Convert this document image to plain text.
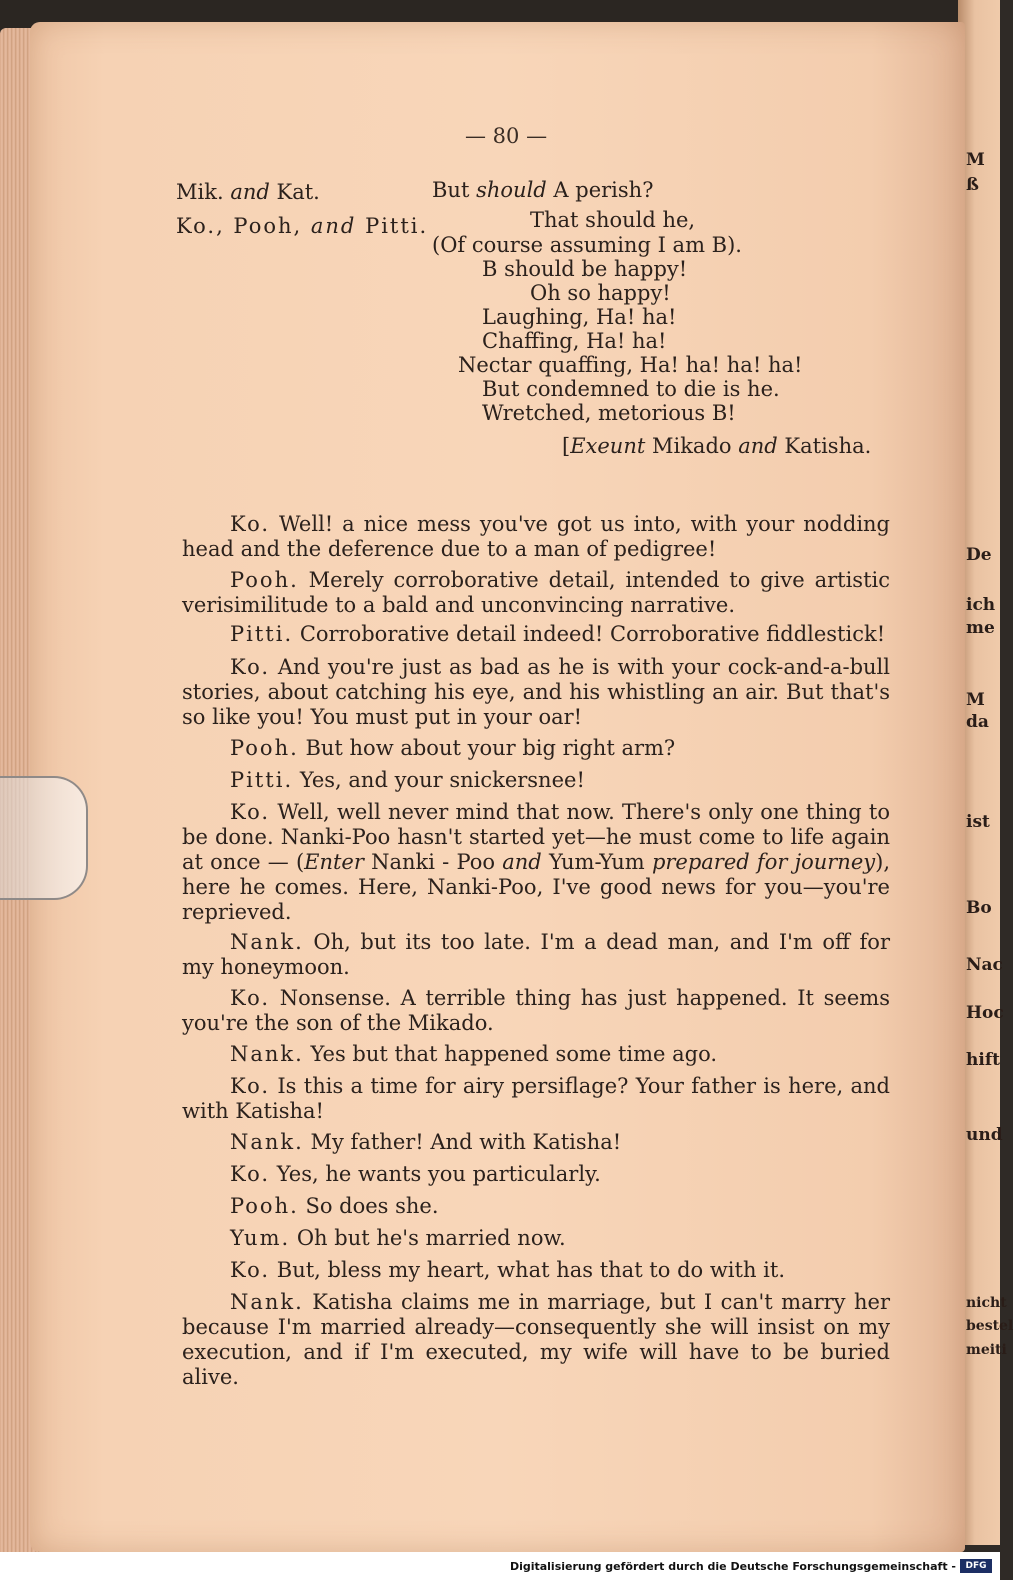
M
ß
De
ich
me
M
da
ist
Bo
Nac
Hoc
hift
und
nicht
bestel
meiti
— 80 —
Mik. and Kat.	But should A perish?
Ko., Pooh, and Pitti.	That should he,
(Of course assuming I am B).
B should be happy!
Oh so happy!
Laughing, Ha! ha!
Chaffing, Ha! ha!
Nectar quaffing, Ha! ha! ha! ha!
But condemned to die is he.
Wretched, metorious B!
[Exeunt Mikado and Katisha.
Ko. Well! a nice mess you've got us into, with your nodding head and the deference due to a man of pedigree!
Pooh. Merely corroborative detail, intended to give artistic verisimilitude to a bald and unconvincing narrative.
Pitti. Corroborative detail indeed! Corroborative fiddlestick!
Ko. And you're just as bad as he is with your cock-and-a-bull stories, about catching his eye, and his whistling an air. But that's so like you! You must put in your oar!
Pooh. But how about your big right arm?
Pitti. Yes, and your snickersnee!
Ko. Well, well never mind that now. There's only one thing to be done. Nanki-Poo hasn't started yet—he must come to life again at once — (Enter Nanki - Poo and Yum-Yum prepared for journey), here he comes. Here, Nanki-Poo, I've good news for you—you're reprieved.
Nank. Oh, but its too late. I'm a dead man, and I'm off for my honeymoon.
Ko. Nonsense. A terrible thing has just happened. It seems you're the son of the Mikado.
Nank. Yes but that happened some time ago.
Ko. Is this a time for airy persiflage? Your father is here, and with Katisha!
Nank. My father! And with Katisha!
Ko. Yes, he wants you particularly.
Pooh. So does she.
Yum. Oh but he's married now.
Ko. But, bless my heart, what has that to do with it.
Nank. Katisha claims me in marriage, but I can't marry her because I'm married already—consequently she will insist on my execution, and if I'm executed, my wife will have to be buried alive.
Digitalisierung gefördert durch die Deutsche Forschungsgemeinschaft -	DFG
